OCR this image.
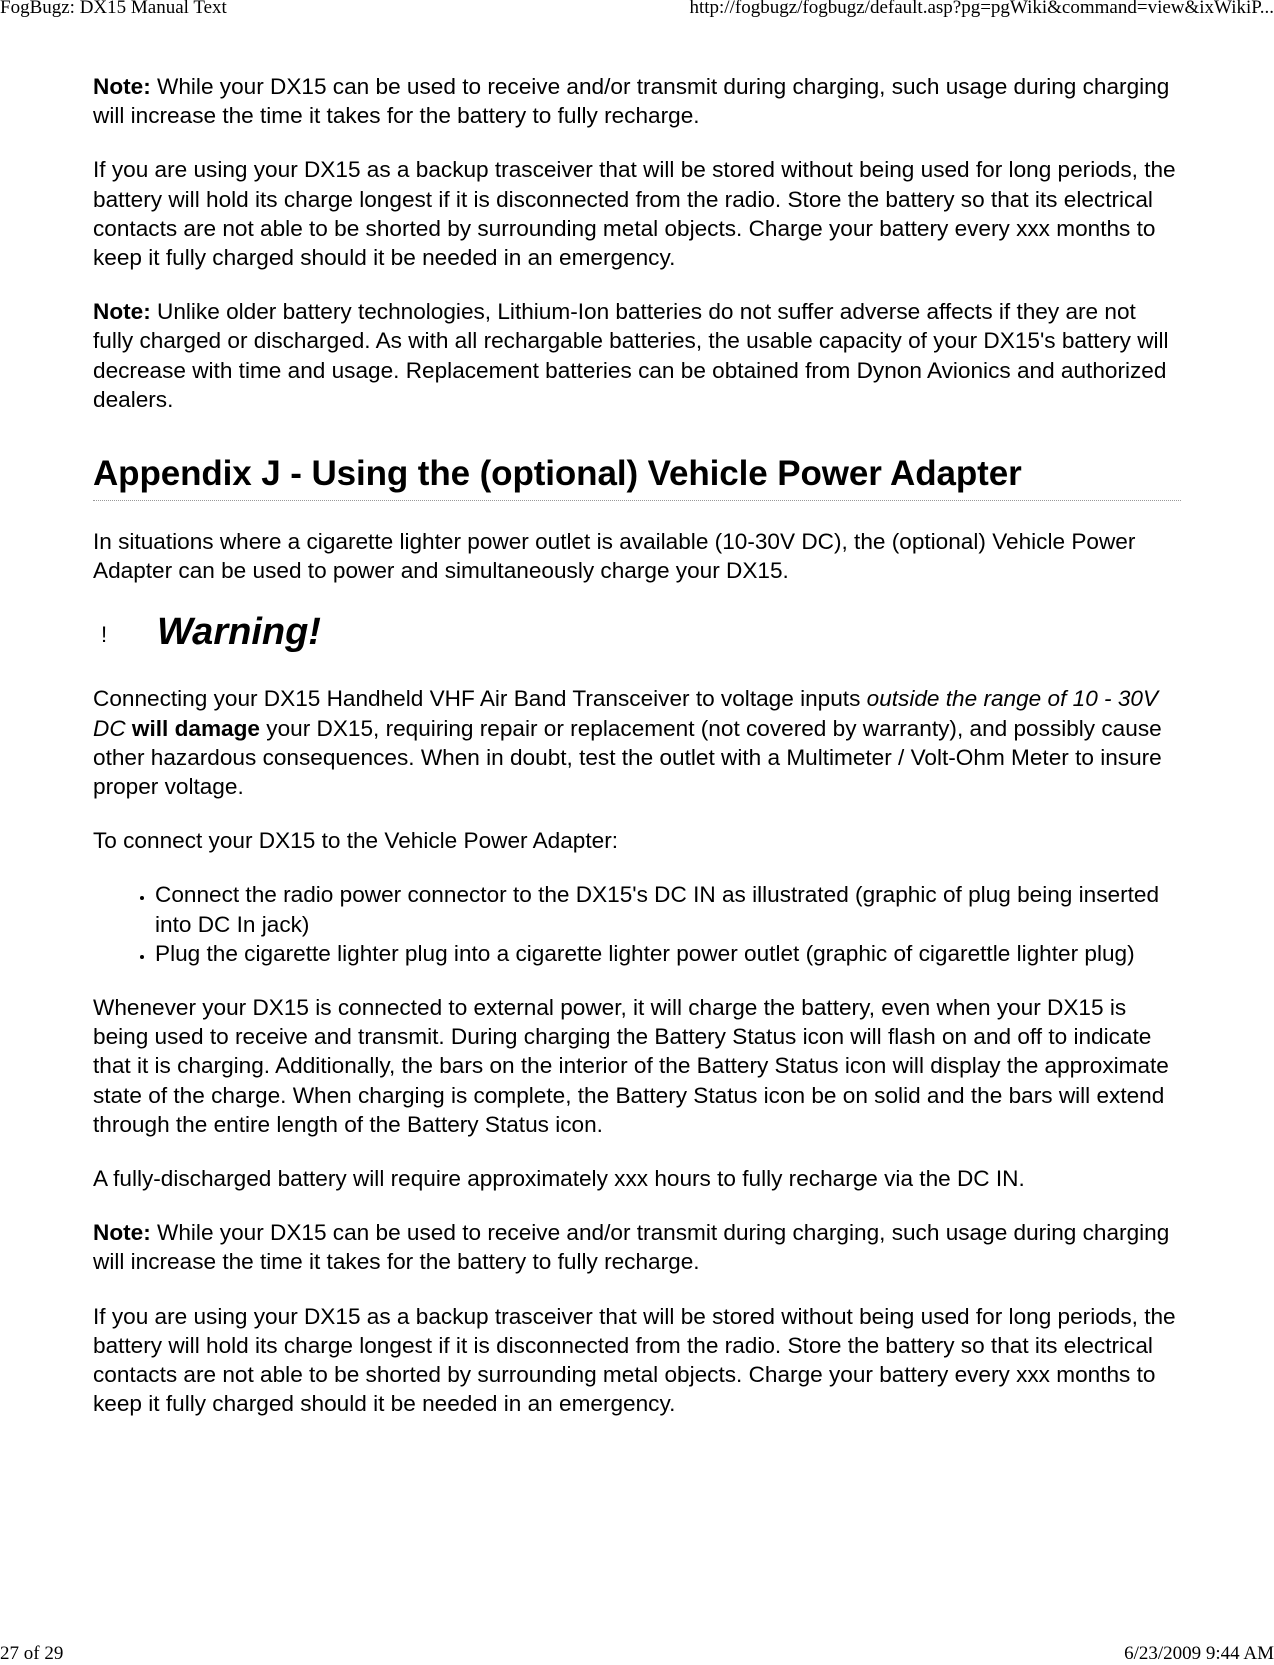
FogBugz: DX15 Manual Text	http://fogbugz/fogbugz/default.asp?pg=pgWiki&command=view&ixWikiP...

Note: While your DX15 can be used to receive and/or transmit during charging, such usage during charging will increase the time it takes for the battery to fully recharge.

If you are using your DX15 as a backup trasceiver that will be stored without being used for long periods, the battery will hold its charge longest if it is disconnected from the radio. Store the battery so that its electrical contacts are not able to be shorted by surrounding metal objects. Charge your battery every xxx months to keep it fully charged should it be needed in an emergency.

Note: Unlike older battery technologies, Lithium-Ion batteries do not suffer adverse affects if they are not fully charged or discharged. As with all rechargable batteries, the usable capacity of your DX15's battery will decrease with time and usage. Replacement batteries can be obtained from Dynon Avionics and authorized dealers.

Appendix J - Using the (optional) Vehicle Power Adapter

In situations where a cigarette lighter power outlet is available (10-30V DC), the (optional) Vehicle Power Adapter can be used to power and simultaneously charge your DX15.

! Warning!

Connecting your DX15 Handheld VHF Air Band Transceiver to voltage inputs outside the range of 10 - 30V DC will damage your DX15, requiring repair or replacement (not covered by warranty), and possibly cause other hazardous consequences. When in doubt, test the outlet with a Multimeter / Volt-Ohm Meter to insure proper voltage.

To connect your DX15 to the Vehicle Power Adapter:

• Connect the radio power connector to the DX15's DC IN as illustrated (graphic of plug being inserted into DC In jack)
• Plug the cigarette lighter plug into a cigarette lighter power outlet (graphic of cigarettle lighter plug)

Whenever your DX15 is connected to external power, it will charge the battery, even when your DX15 is being used to receive and transmit. During charging the Battery Status icon will flash on and off to indicate that it is charging. Additionally, the bars on the interior of the Battery Status icon will display the approximate state of the charge. When charging is complete, the Battery Status icon be on solid and the bars will extend through the entire length of the Battery Status icon.

A fully-discharged battery will require approximately xxx hours to fully recharge via the DC IN.

Note: While your DX15 can be used to receive and/or transmit during charging, such usage during charging will increase the time it takes for the battery to fully recharge.

If you are using your DX15 as a backup trasceiver that will be stored without being used for long periods, the battery will hold its charge longest if it is disconnected from the radio. Store the battery so that its electrical contacts are not able to be shorted by surrounding metal objects. Charge your battery every xxx months to keep it fully charged should it be needed in an emergency.

27 of 29	6/23/2009 9:44 AM
